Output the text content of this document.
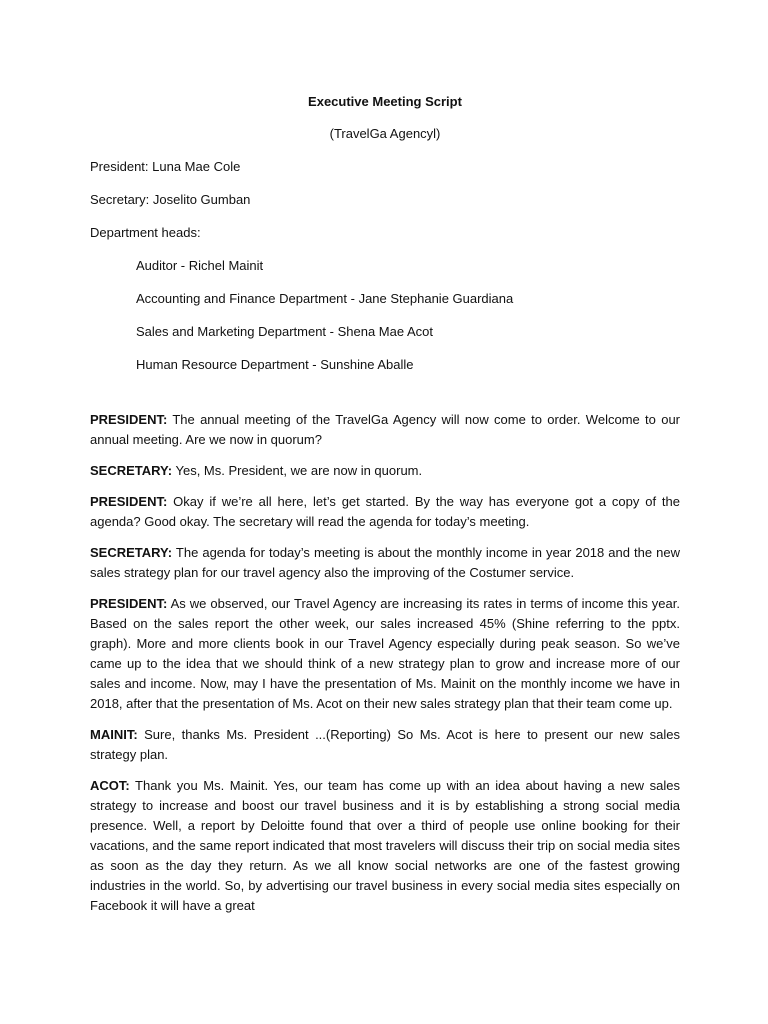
Executive Meeting Script
(TravelGa Agencyl)
President: Luna Mae Cole
Secretary: Joselito Gumban
Department heads:
Auditor - Richel Mainit
Accounting and Finance Department - Jane Stephanie Guardiana
Sales and Marketing Department - Shena Mae Acot
Human Resource Department - Sunshine Aballe

PRESIDENT: The annual meeting of the TravelGa Agency will now come to order. Welcome to our annual meeting. Are we now in quorum?

SECRETARY: Yes, Ms. President, we are now in quorum.

PRESIDENT: Okay if we’re all here, let’s get started. By the way has everyone got a copy of the agenda? Good okay. The secretary will read the agenda for today’s meeting.

SECRETARY: The agenda for today’s meeting is about the monthly income in year 2018 and the new sales strategy plan for our travel agency also the improving of the Costumer service.

PRESIDENT: As we observed, our Travel Agency are increasing its rates in terms of income this year. Based on the sales report the other week, our sales increased 45% (Shine referring to the pptx. graph). More and more clients book in our Travel Agency especially during peak season. So we’ve came up to the idea that we should think of a new strategy plan to grow and increase more of our sales and income. Now, may I have the presentation of Ms. Mainit on the monthly income we have in 2018, after that the presentation of Ms. Acot on their new sales strategy plan that their team come up.

MAINIT: Sure, thanks Ms. President ...(Reporting) So Ms. Acot is here to present our new sales strategy plan.

ACOT: Thank you Ms. Mainit. Yes, our team has come up with an idea about having a new sales strategy to increase and boost our travel business and it is by establishing a strong social media presence. Well, a report by Deloitte found that over a third of people use online booking for their vacations, and the same report indicated that most travelers will discuss their trip on social media sites as soon as the day they return. As we all know social networks are one of the fastest growing industries in the world. So, by advertising our travel business in every social media sites especially on Facebook it will have a great
